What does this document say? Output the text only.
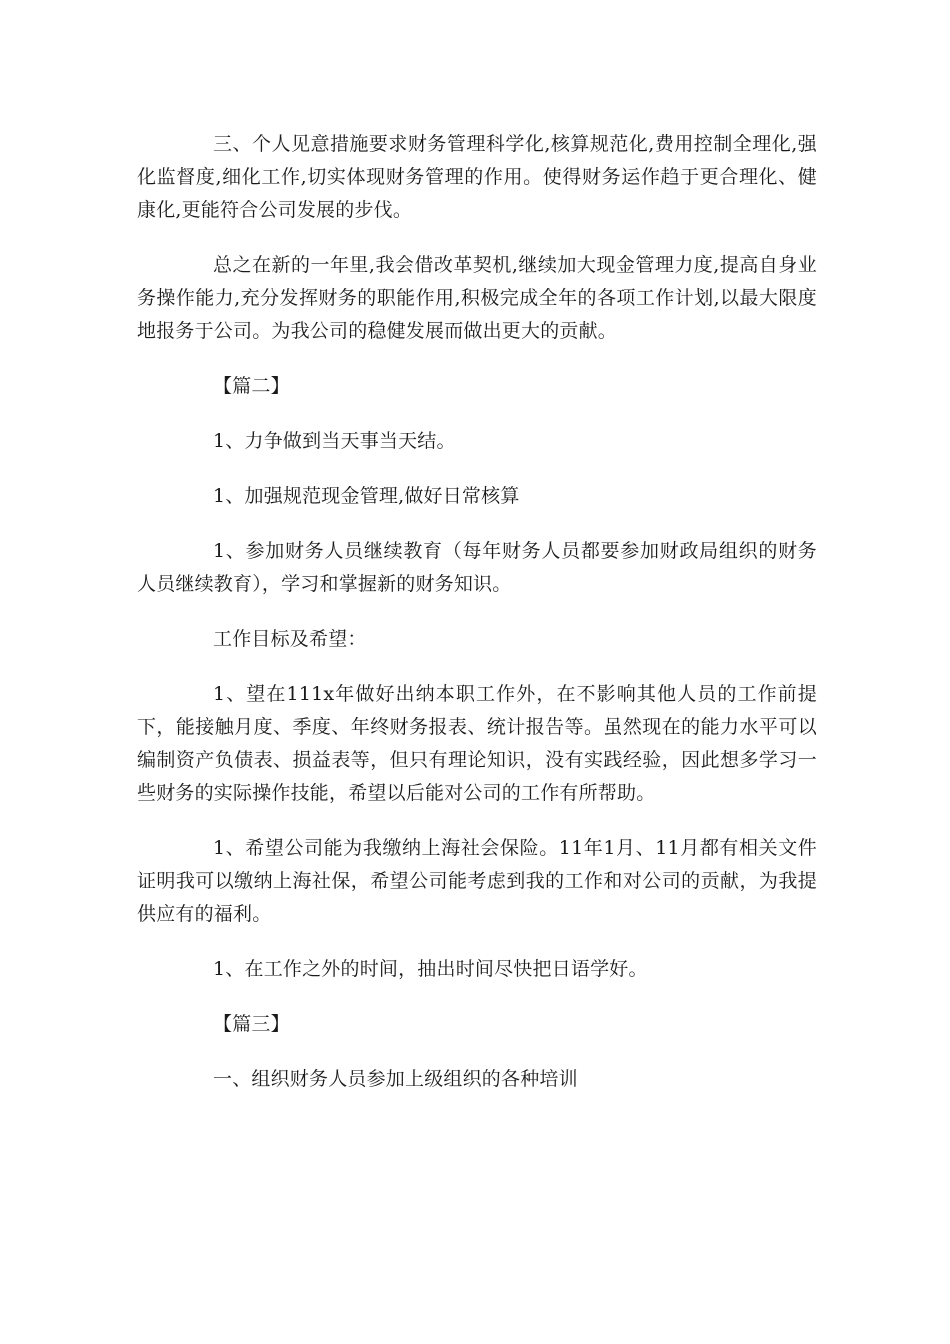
三、个人见意措施要求财务管理科学化,核算规范化,费用控制全理化,强化监督度,细化工作,切实体现财务管理的作用。使得财务运作趋于更合理化、健康化,更能符合公司发展的步伐。

总之在新的一年里,我会借改革契机,继续加大现金管理力度,提高自身业务操作能力,充分发挥财务的职能作用,积极完成全年的各项工作计划,以最大限度地报务于公司。为我公司的稳健发展而做出更大的贡献。

【篇二】

1、力争做到当天事当天结。

1、加强规范现金管理,做好日常核算

1、参加财务人员继续教育（每年财务人员都要参加财政局组织的财务人员继续教育），学习和掌握新的财务知识。

工作目标及希望：

1、望在111x年做好出纳本职工作外，在不影响其他人员的工作前提下，能接触月度、季度、年终财务报表、统计报告等。虽然现在的能力水平可以编制资产负债表、损益表等，但只有理论知识，没有实践经验，因此想多学习一些财务的实际操作技能，希望以后能对公司的工作有所帮助。

1、希望公司能为我缴纳上海社会保险。11年1月、11月都有相关文件证明我可以缴纳上海社保，希望公司能考虑到我的工作和对公司的贡献，为我提供应有的福利。

1、在工作之外的时间，抽出时间尽快把日语学好。

【篇三】

一、组织财务人员参加上级组织的各种培训
